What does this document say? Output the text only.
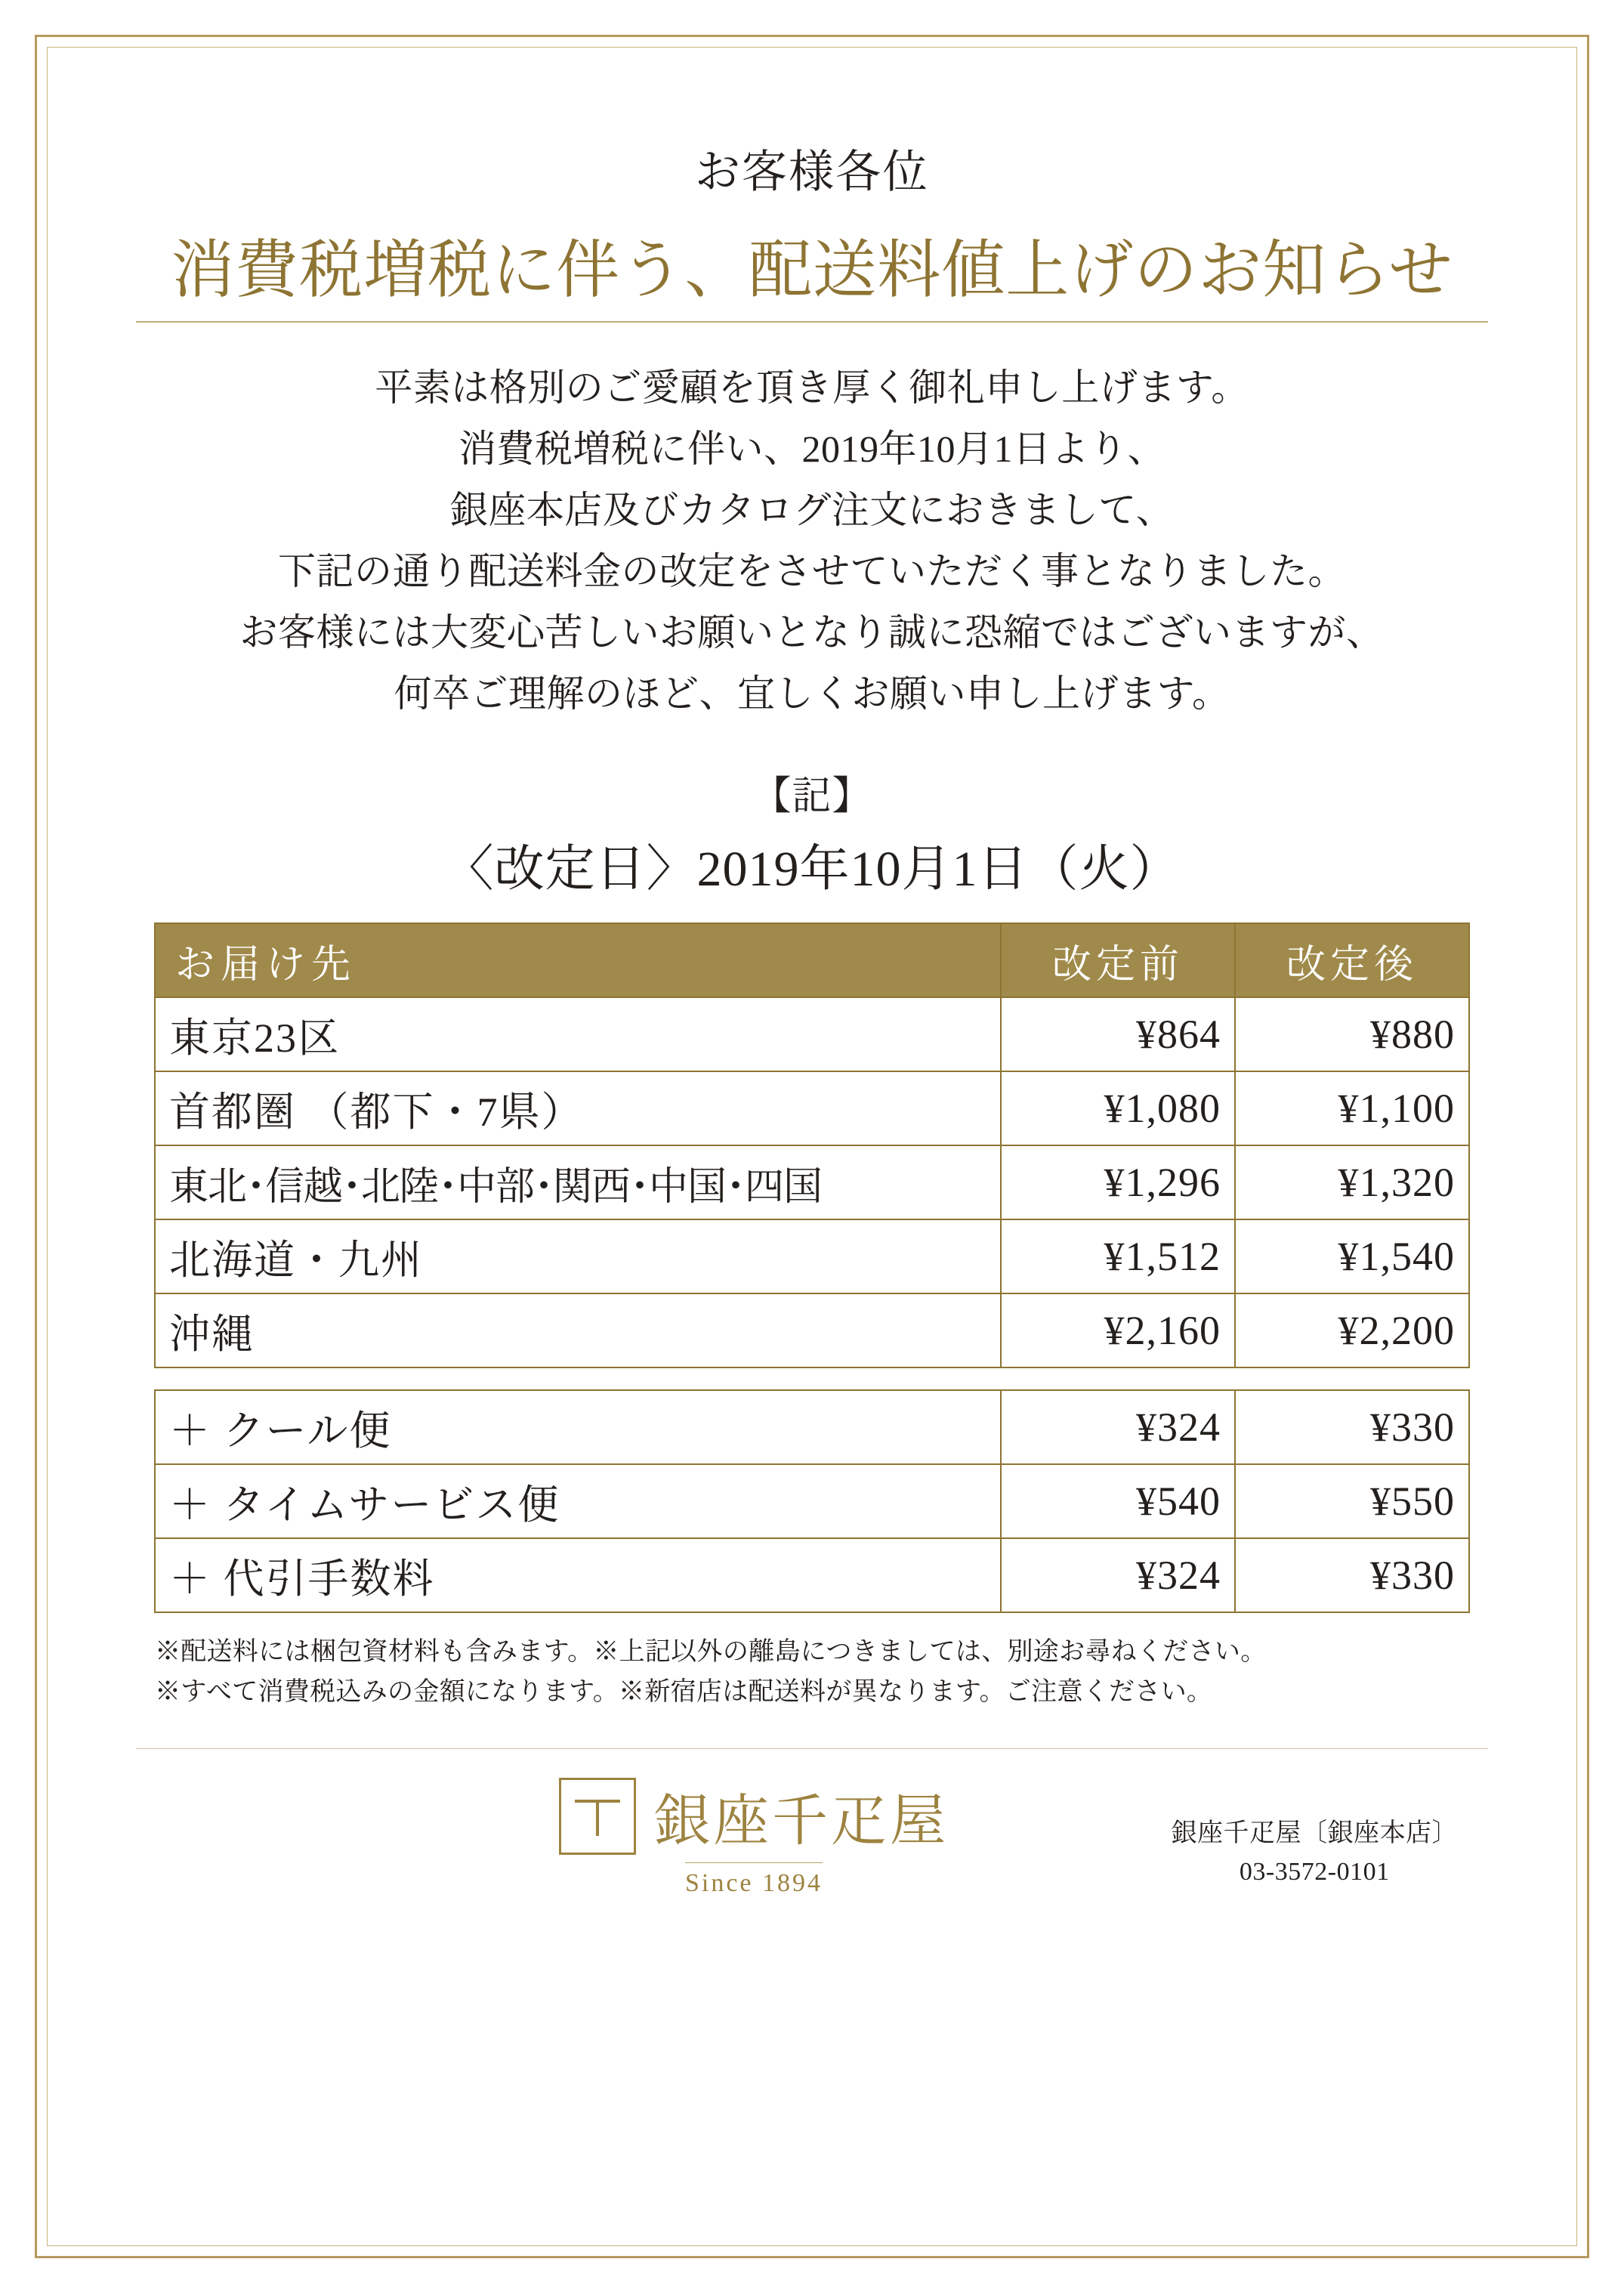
お客様各位
消費税増税に伴う、配送料値上げのお知らせ
平素は格別のご愛顧を頂き厚く御礼申し上げます。
消費税増税に伴い、2019年10月1日より、
銀座本店及びカタログ注文におきまして、
下記の通り配送料金の改定をさせていただく事となりました。
お客様には大変心苦しいお願いとなり誠に恐縮ではございますが、
何卒ご理解のほど、宜しくお願い申し上げます。
【記】
〈改定日〉2019年10月1日（火）
お届け先	改定前	改定後
東京23区	¥864	¥880
首都圏 （都下・7県）	¥1,080	¥1,100
東北･信越･北陸･中部･関西･中国･四国	¥1,296	¥1,320
北海道・九州	¥1,512	¥1,540
沖縄	¥2,160	¥2,200
＋ クール便	¥324	¥330
＋ タイムサービス便	¥540	¥550
＋ 代引手数料	¥324	¥330
※配送料には梱包資材料も含みます。※上記以外の離島につきましては、別途お尋ねください。
※すべて消費税込みの金額になります。※新宿店は配送料が異なります。ご注意ください。
銀座千疋屋
Since 1894
銀座千疋屋〔銀座本店〕
03-3572-0101
